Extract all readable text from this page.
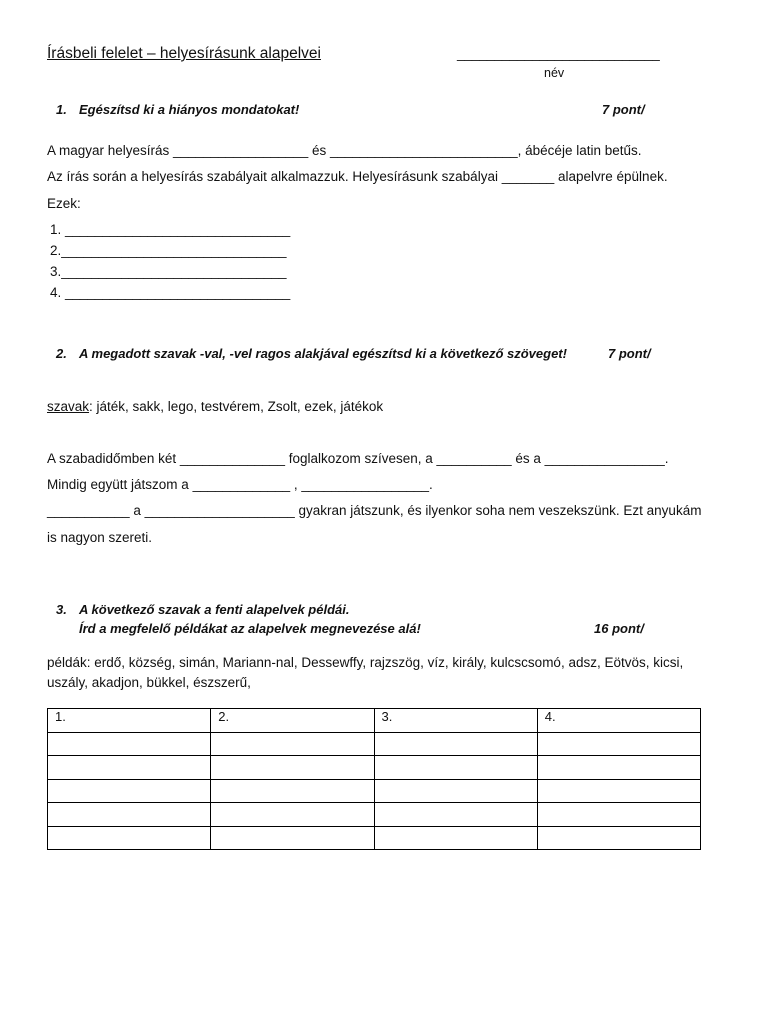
Írásbeli felelet – helyesírásunk alapelvei	___________________________
név
1. Egészítsd ki a hiányos mondatokat!	7 pont/
A magyar helyesírás __________________ és _________________________, ábécéje latin betűs.
Az írás során a helyesírás szabályait alkalmazzuk. Helyesírásunk szabályai _______ alapelvre épülnek.
Ezek:
1. ______________________________
2.______________________________
3.______________________________
4. ______________________________
2. A megadott szavak -val, -vel ragos alakjával egészítsd ki a következő szöveget!	7 pont/
szavak: játék, sakk, lego, testvérem, Zsolt, ezek, játékok
A szabadidőmben két ______________ foglalkozom szívesen, a __________ és a ________________.
Mindig együtt játszom a _____________ , _________________.
___________ a ____________________ gyakran játszunk, és ilyenkor soha nem veszekszünk. Ezt anyukám
is nagyon szereti.
3. A következő szavak a fenti alapelvek példái.
Írd a megfelelő példákat az alapelvek megnevezése alá!	16 pont/
példák: erdő, község, simán, Mariann-nal, Dessewffy, rajzszög, víz, király, kulcscsomó, adsz, Eötvös, kicsi,
uszály, akadjon, bükkel, észszerű,
1.	2.	3.	4.
